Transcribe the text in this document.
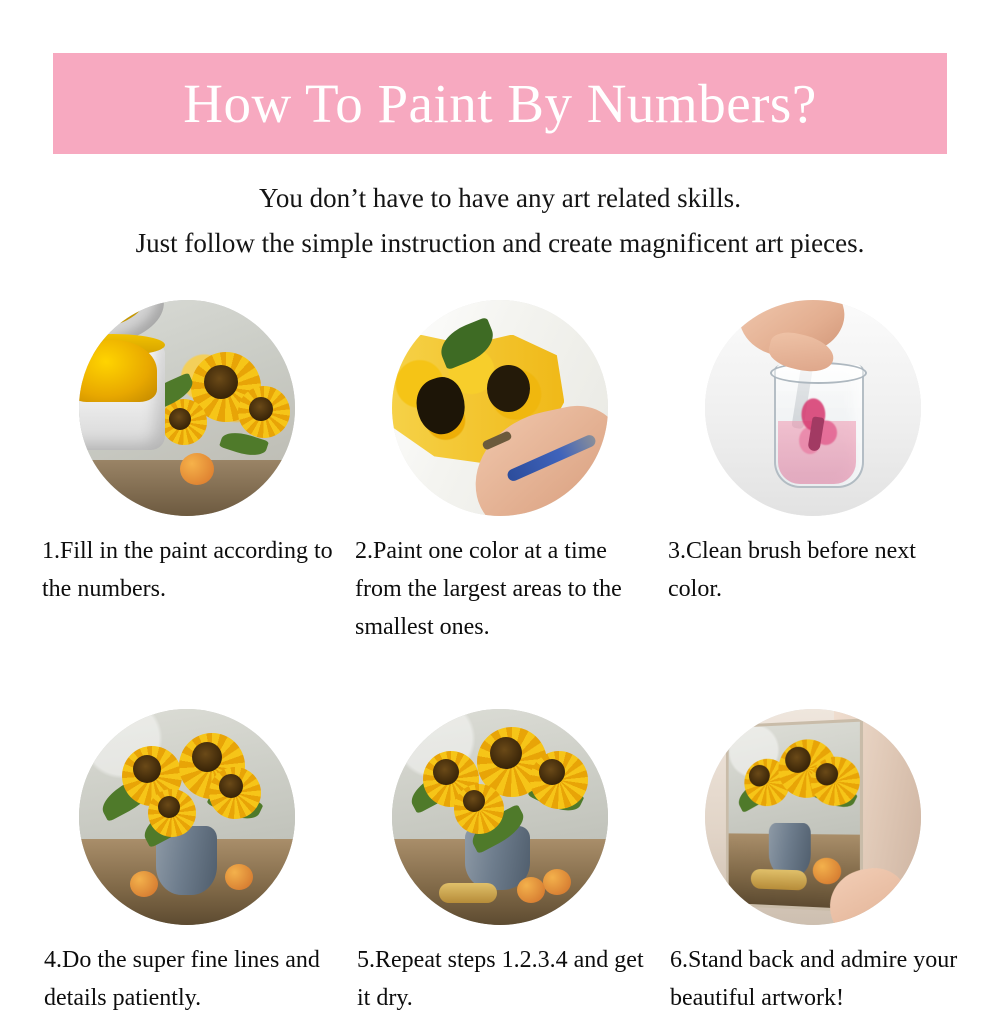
How To Paint By Numbers?
You don’t have to have any art related skills.
Just follow the simple instruction and create magnificent art pieces.
1.Fill in the paint according to the numbers.
2.Paint one color at a time from the largest areas to the smallest ones.
3.Clean brush before next color.
4.Do the super fine lines and details patiently.
5.Repeat steps 1.2.3.4 and get it dry.
6.Stand back and admire your beautiful artwork!
